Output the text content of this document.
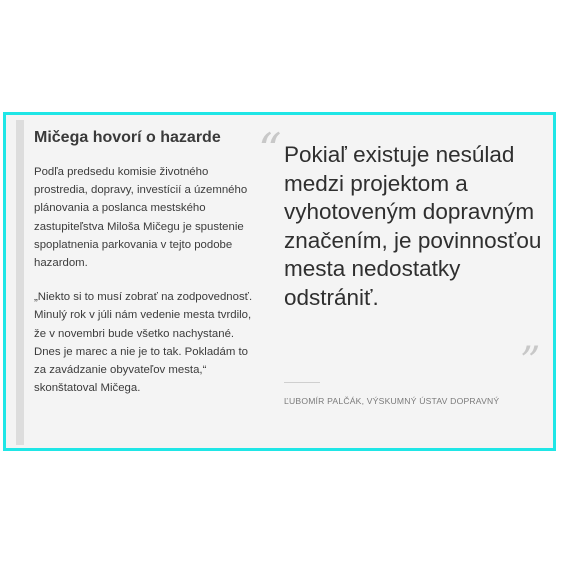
Mičega hovorí o hazarde

Podľa predsedu komisie životného prostredia, dopravy, investícií a územného plánovania a poslanca mestského zastupiteľstva Miloša Mičegu je spustenie spoplatnenia parkovania v tejto podobe hazardom.

„Niekto si to musí zobrať na zodpovednosť. Minulý rok v júli nám vedenie mesta tvrdilo, že v novembri bude všetko nachystané. Dnes je marec a nie je to tak. Pokladám to za zavádzanie obyvateľov mesta,“ skonštatoval Mičega.

“ Pokiaľ existuje nesúlad medzi projektom a vyhotoveným dopravným značením, je povinnosťou mesta nedostatky odstrániť.

”
ĽUBOMÍR PALČÁK, VÝSKUMNÝ ÚSTAV DOPRAVNÝ
